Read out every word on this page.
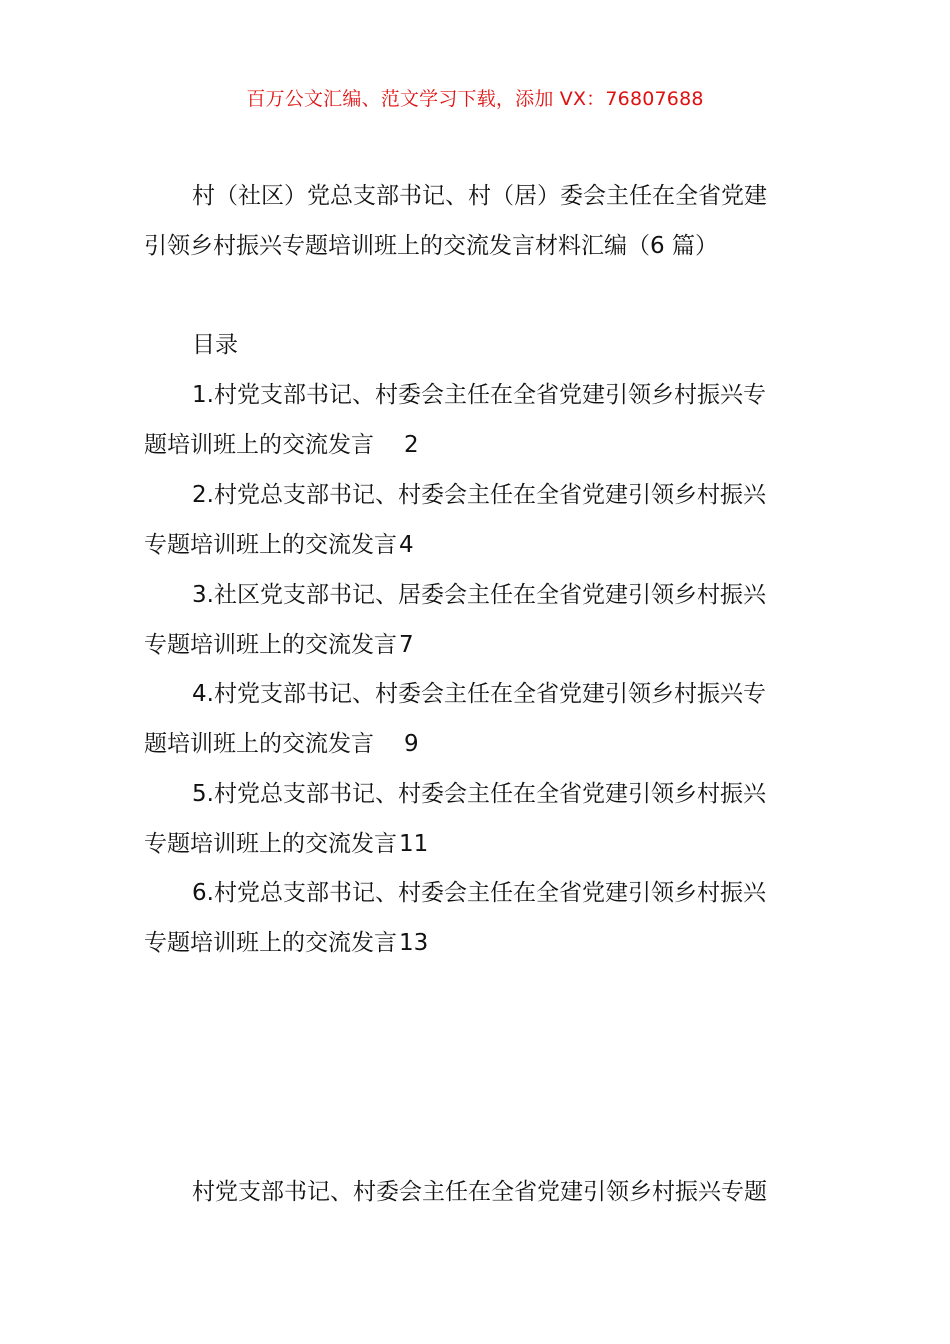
百万公文汇编、范文学习下载，添加 VX：76807688
村（社区）党总支部书记、村（居）委会主任在全省党建
引领乡村振兴专题培训班上的交流发言材料汇编（6 篇）
目录
1.村党支部书记、村委会主任在全省党建引领乡村振兴专
题培训班上的交流发言 2
2.村党总支部书记、村委会主任在全省党建引领乡村振兴
专题培训班上的交流发言4
3.社区党支部书记、居委会主任在全省党建引领乡村振兴
专题培训班上的交流发言7
4.村党支部书记、村委会主任在全省党建引领乡村振兴专
题培训班上的交流发言 9
5.村党总支部书记、村委会主任在全省党建引领乡村振兴
专题培训班上的交流发言11
6.村党总支部书记、村委会主任在全省党建引领乡村振兴
专题培训班上的交流发言13
村党支部书记、村委会主任在全省党建引领乡村振兴专题
